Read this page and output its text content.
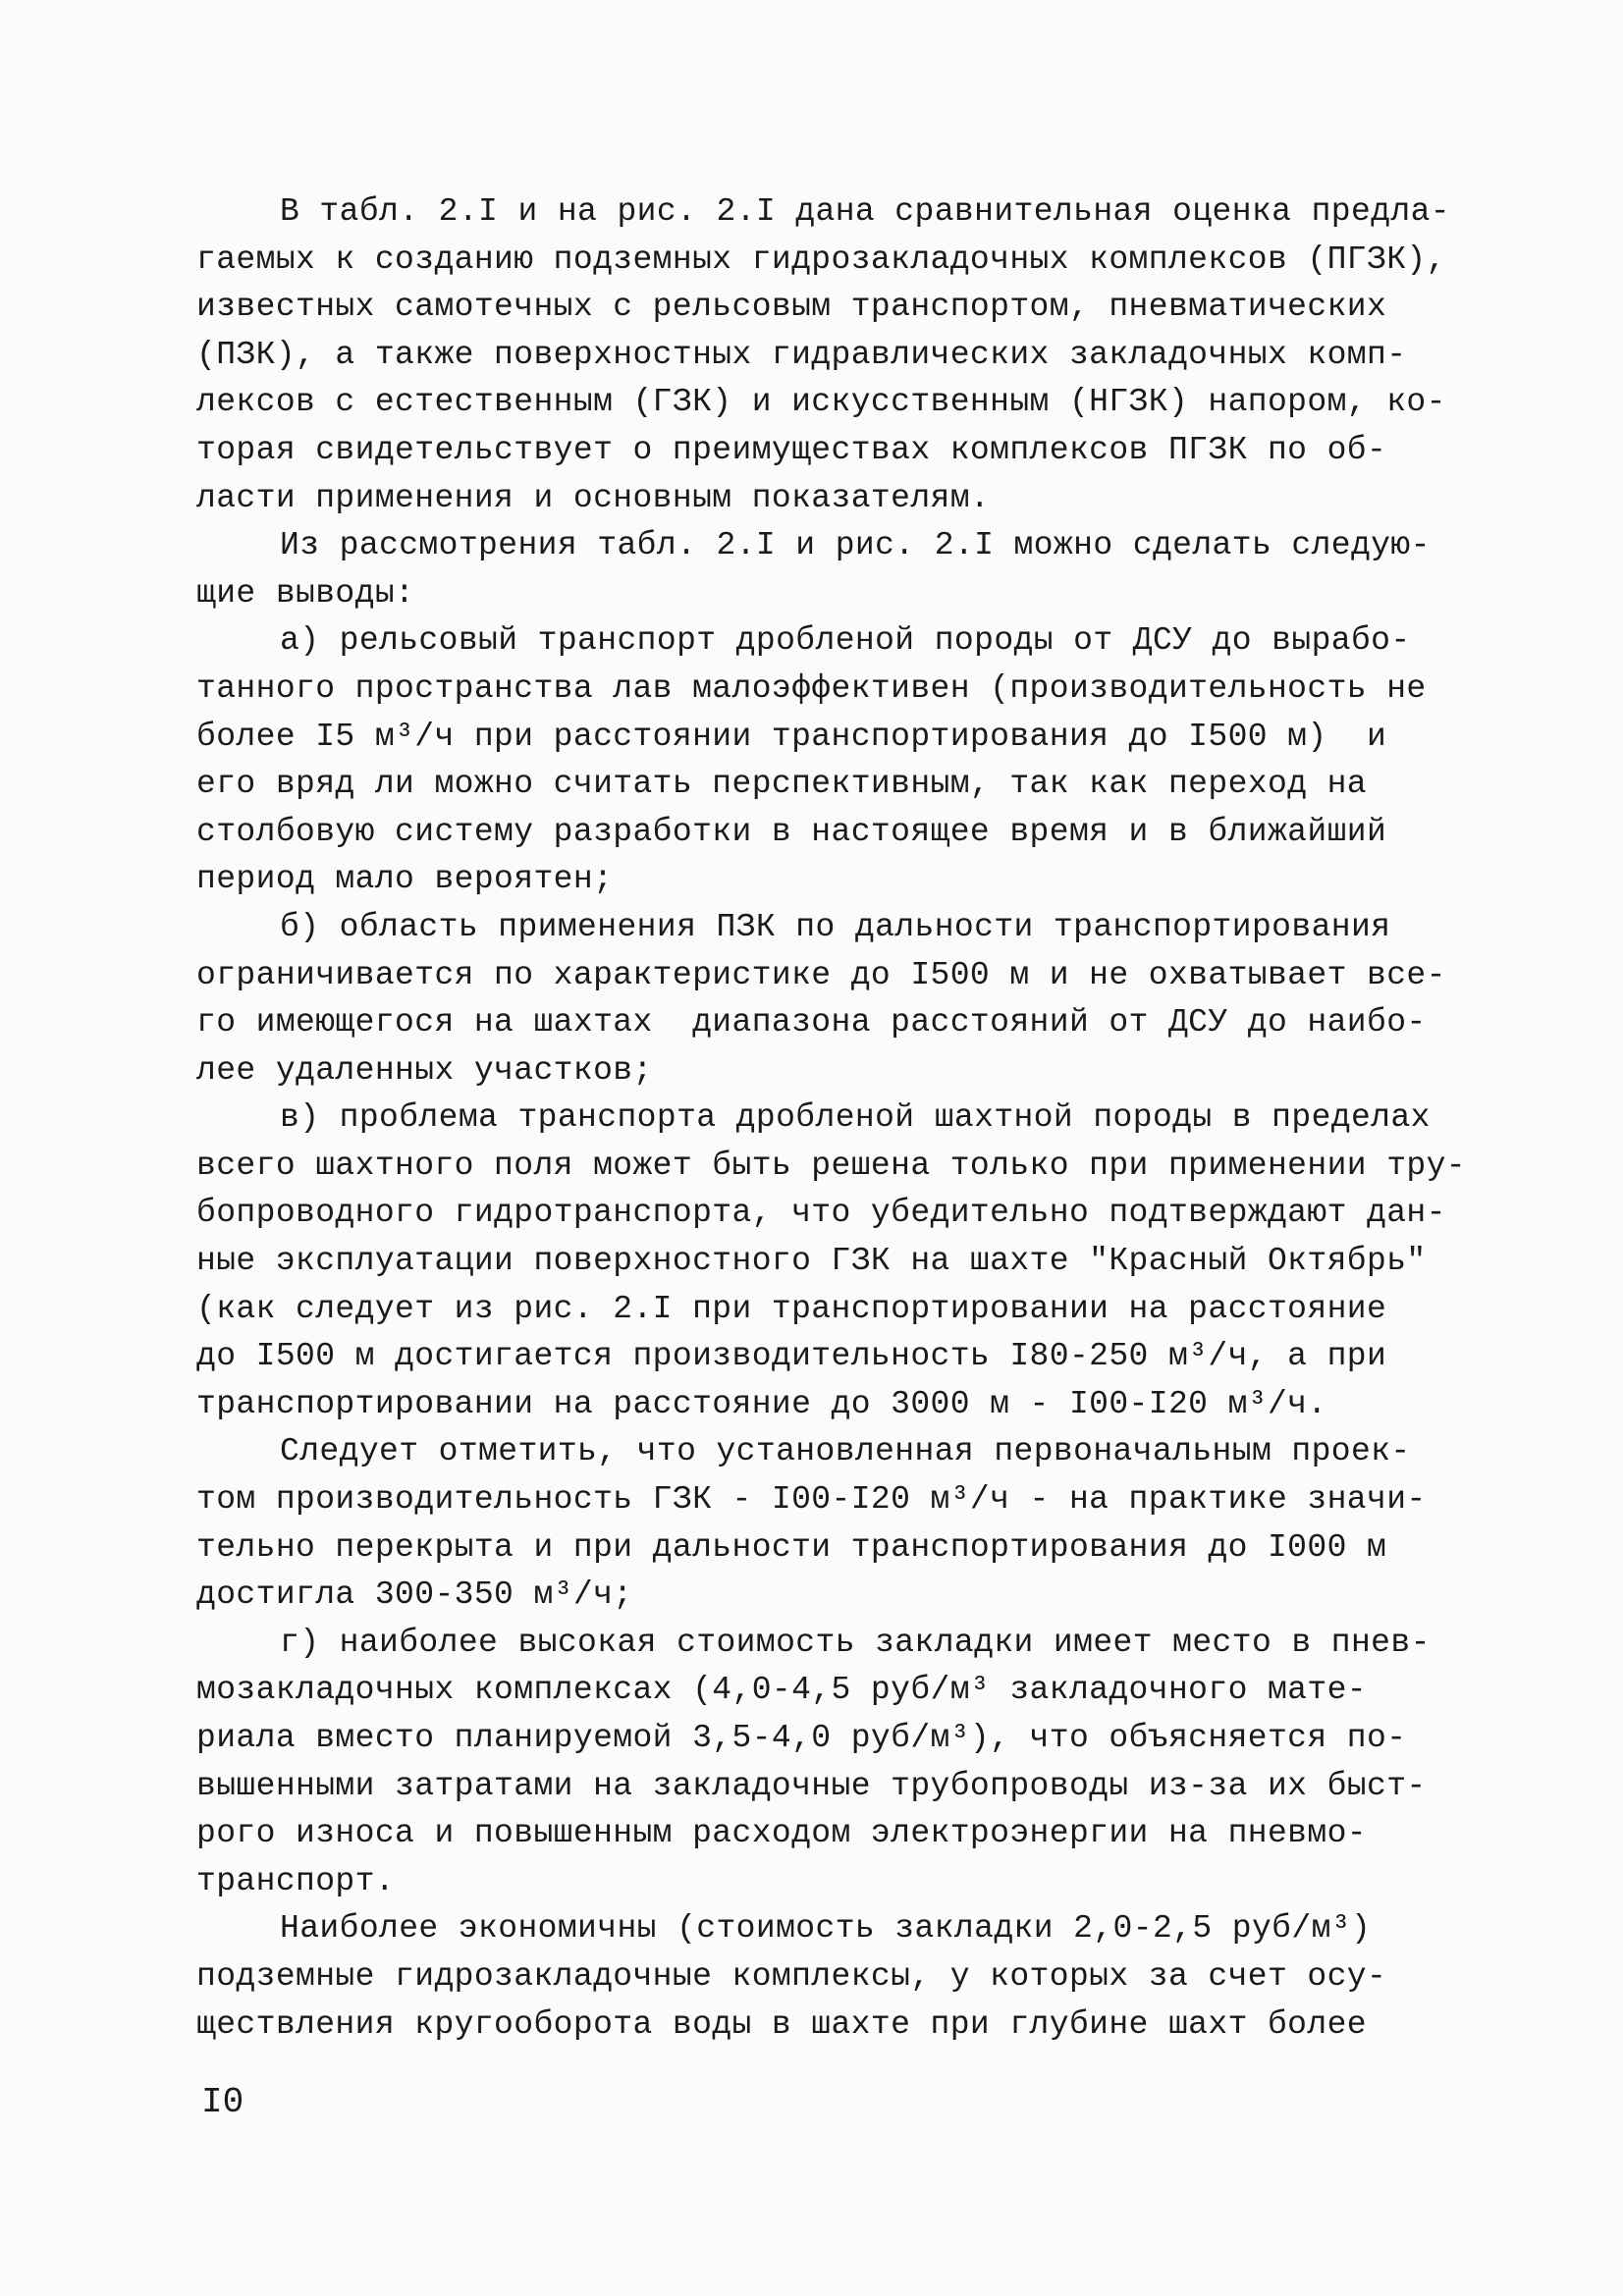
В табл. 2.I и на рис. 2.I дана сравнительная оценка предла-
гаемых к созданию подземных гидрозакладочных комплексов (ПГЗК),
известных самотечных с рельсовым транспортом, пневматических
(ПЗК), а также поверхностных гидравлических закладочных комп-
лексов с естественным (ГЗК) и искусственным (НГЗК) напором, ко-
торая свидетельствует о преимуществах комплексов ПГЗК по об-
ласти применения и основным показателям.
Из рассмотрения табл. 2.I и рис. 2.I можно сделать следую-
щие выводы:
а) рельсовый транспорт дробленой породы от ДСУ до вырабо-
танного пространства лав малоэффективен (производительность не
более I5 м³/ч при расстоянии транспортирования до I500 м)  и
его вряд ли можно считать перспективным, так как переход на
столбовую систему разработки в настоящее время и в ближайший
период мало вероятен;
б) область применения ПЗК по дальности транспортирования
ограничивается по характеристике до I500 м и не охватывает все-
го имеющегося на шахтах  диапазона расстояний от ДСУ до наибо-
лее удаленных участков;
в) проблема транспорта дробленой шахтной породы в пределах
всего шахтного поля может быть решена только при применении тру-
бопроводного гидротранспорта, что убедительно подтверждают дан-
ные эксплуатации поверхностного ГЗК на шахте "Красный Октябрь"
(как следует из рис. 2.I при транспортировании на расстояние
до I500 м достигается производительность I80-250 м³/ч, а при
транспортировании на расстояние до 3000 м - I00-I20 м³/ч.
Следует отметить, что установленная первоначальным проек-
том производительность ГЗК - I00-I20 м³/ч - на практике значи-
тельно перекрыта и при дальности транспортирования до I000 м
достигла 300-350 м³/ч;
г) наиболее высокая стоимость закладки имеет место в пнев-
мозакладочных комплексах (4,0-4,5 руб/м³ закладочного мате-
риала вместо планируемой 3,5-4,0 руб/м³), что объясняется по-
вышенными затратами на закладочные трубопроводы из-за их быст-
рого износа и повышенным расходом электроэнергии на пневмо-
транспорт.
Наиболее экономичны (стоимость закладки 2,0-2,5 руб/м³)
подземные гидрозакладочные комплексы, у которых за счет осу-
ществления кругооборота воды в шахте при глубине шахт более
I0
